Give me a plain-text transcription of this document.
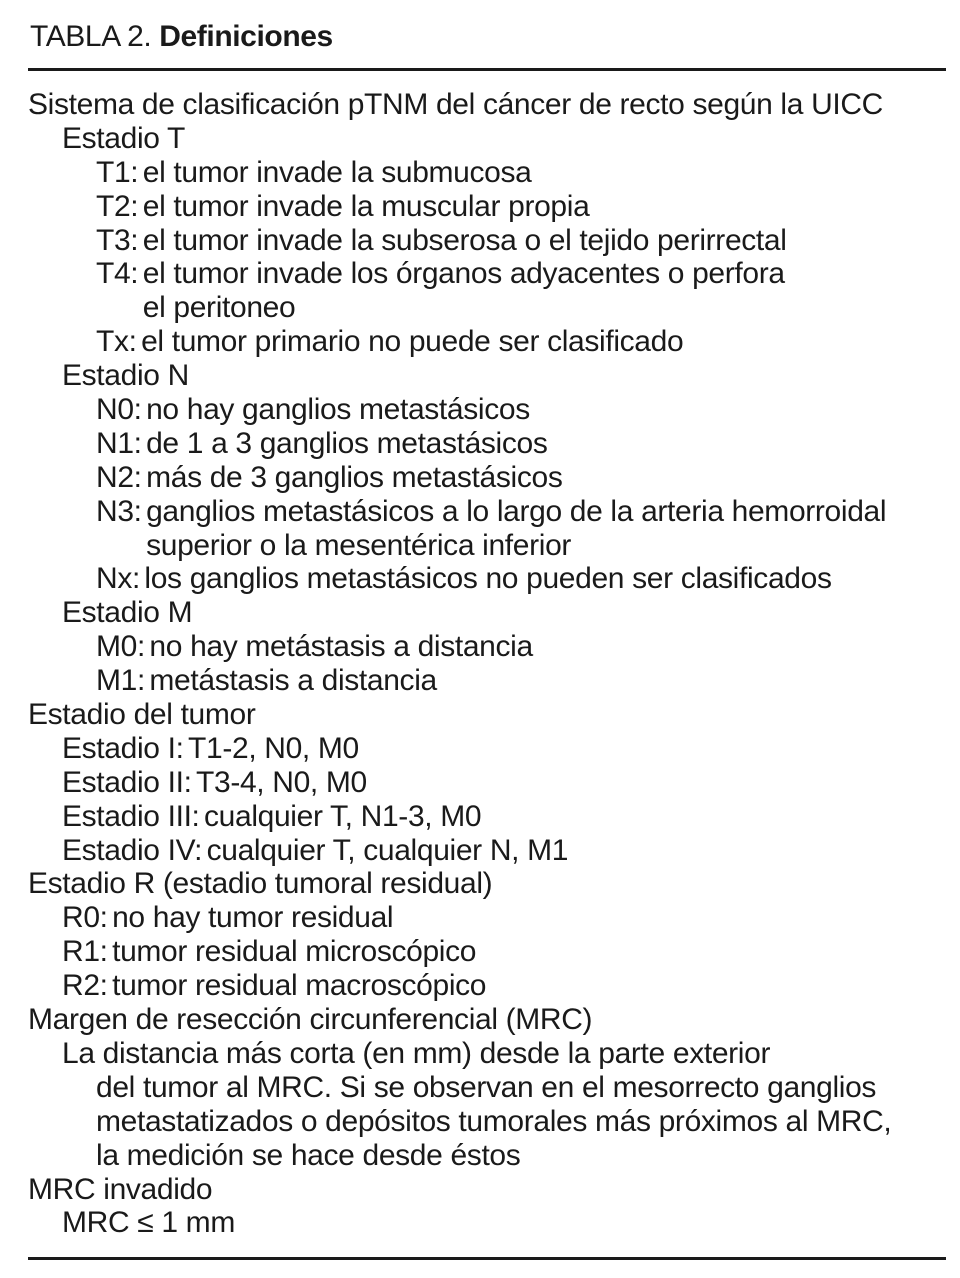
TABLA 2. Definiciones
Sistema de clasificación pTNM del cáncer de recto según la UICC
Estadio T
T1:
el tumor invade la submucosa
T2:
el tumor invade la muscular propia
T3:
el tumor invade la subserosa o el tejido perirrectal
T4:
el tumor invade los órganos adyacentes o perfora
el peritoneo
Tx:
el tumor primario no puede ser clasificado
Estadio N
N0:
no hay ganglios metastásicos
N1:
de 1 a 3 ganglios metastásicos
N2:
más de 3 ganglios metastásicos
N3:
ganglios metastásicos a lo largo de la arteria hemorroidal
superior o la mesentérica inferior
Nx:
los ganglios metastásicos no pueden ser clasificados
Estadio M
M0:
no hay metástasis a distancia
M1:
metástasis a distancia
Estadio del tumor
Estadio I:
T1-2, N0, M0
Estadio II:
T3-4, N0, M0
Estadio III:
cualquier T, N1-3, M0
Estadio IV:
cualquier T, cualquier N, M1
Estadio R (estadio tumoral residual)
R0:
no hay tumor residual
R1:
tumor residual microscópico
R2:
tumor residual macroscópico
Margen de resección circunferencial (MRC)
La distancia más corta (en mm) desde la parte exterior
del tumor al MRC. Si se observan en el mesorrecto ganglios
metastatizados o depósitos tumorales más próximos al MRC,
la medición se hace desde éstos
MRC invadido
MRC ≤ 1 mm
